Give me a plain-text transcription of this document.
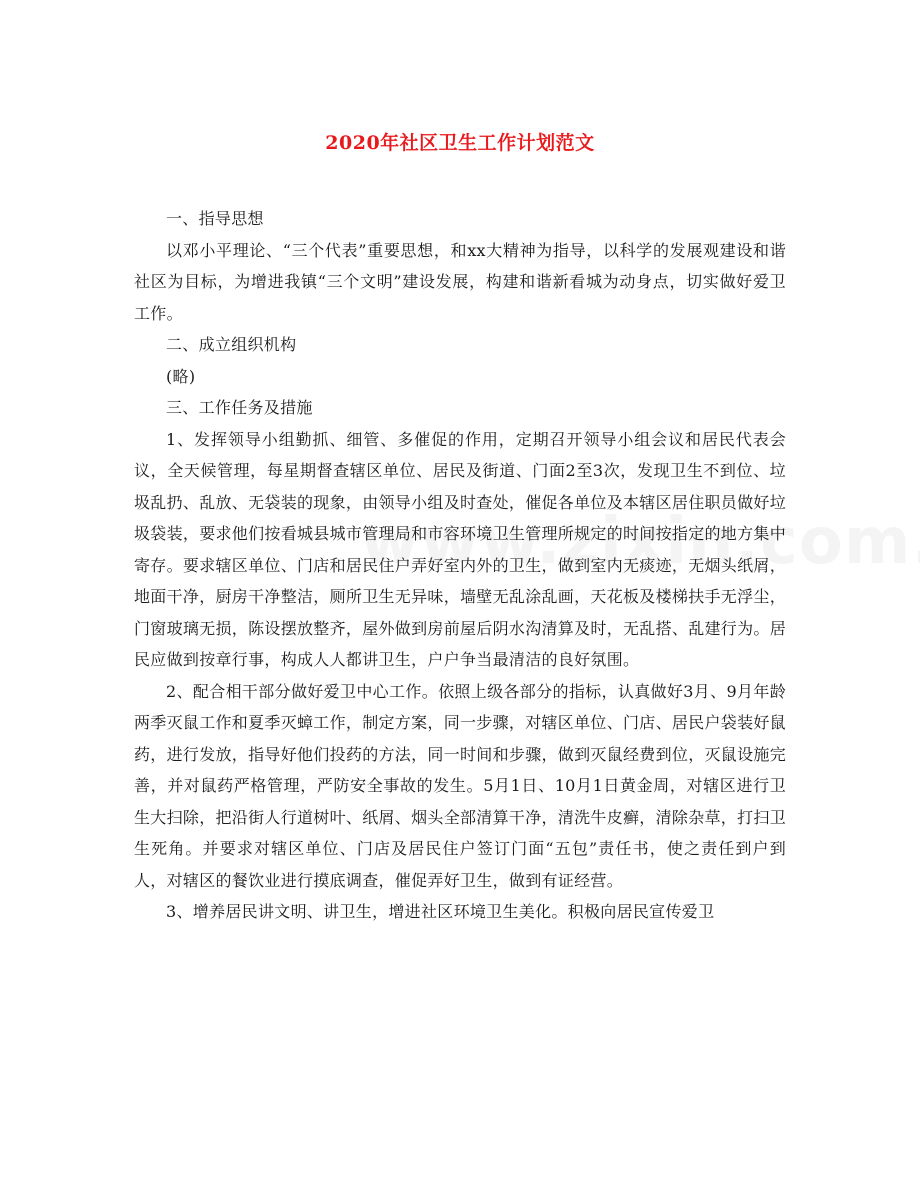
2020年社区卫生工作计划范文

一、指导思想

以邓小平理论、“三个代表”重要思想，和xx大精神为指导，以科学的发展观建设和谐社区为目标，为增进我镇“三个文明”建设发展，构建和谐新看城为动身点，切实做好爱卫工作。

二、成立组织机构

(略)

三、工作任务及措施

1、发挥领导小组勤抓、细管、多催促的作用，定期召开领导小组会议和居民代表会议，全天候管理，每星期督查辖区单位、居民及街道、门面2至3次，发现卫生不到位、垃圾乱扔、乱放、无袋装的现象，由领导小组及时查处，催促各单位及本辖区居住职员做好垃圾袋装，要求他们按看城县城市管理局和市容环境卫生管理所规定的时间按指定的地方集中寄存。要求辖区单位、门店和居民住户弄好室内外的卫生，做到室内无痰迹，无烟头纸屑，地面干净，厨房干净整洁，厕所卫生无异味，墙壁无乱涂乱画，天花板及楼梯扶手无浮尘，门窗玻璃无损，陈设摆放整齐，屋外做到房前屋后阴水沟清算及时，无乱搭、乱建行为。居民应做到按章行事，构成人人都讲卫生，户户争当最清洁的良好氛围。

2、配合相干部分做好爱卫中心工作。依照上级各部分的指标，认真做好3月、9月年龄两季灭鼠工作和夏季灭蟑工作，制定方案，同一步骤，对辖区单位、门店、居民户袋装好鼠药，进行发放，指导好他们投药的方法，同一时间和步骤，做到灭鼠经费到位，灭鼠设施完善，并对鼠药严格管理，严防安全事故的发生。5月1日、10月1日黄金周，对辖区进行卫生大扫除，把沿街人行道树叶、纸屑、烟头全部清算干净，清洗牛皮癣，清除杂草，打扫卫生死角。并要求对辖区单位、门店及居民住户签订门面“五包”责任书，使之责任到户到人，对辖区的餐饮业进行摸底调查，催促弄好卫生，做到有证经营。

3、增养居民讲文明、讲卫生，增进社区环境卫生美化。积极向居民宣传爱卫
